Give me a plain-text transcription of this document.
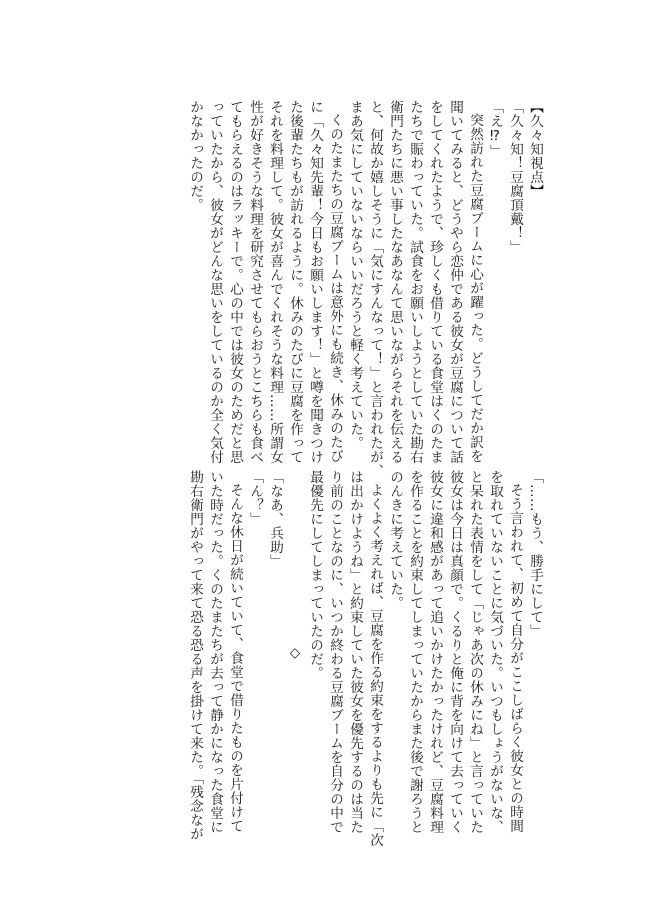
【久々知視点】

「久々知！豆腐頂戴！」

「え⁉」

突然訪れた豆腐ブームに心が躍った。どうしてだか訳を

聞いてみると、どうやら恋仲である彼女が豆腐について話

をしてくれたようで、珍しくも借りている食堂はくのたま

たちで賑わっていた。試食をお願いしようとしていた勘右

衛門たちに悪い事したなあなんて思いながらそれを伝える

と、何故か嬉しそうに「気にすんなって！」と言われたが、

まあ気にしていないならいいだろうと軽く考えていた。

くのたまたちの豆腐ブームは意外にも続き、休みのたび

に「久々知先輩！今日もお願いします！」と噂を聞きつけ

た後輩たちもが訪れるように。休みのたびに豆腐を作って

それを料理して。彼女が喜んでくれそうな料理……所謂女

性が好きそうな料理を研究させてもらおうとこちらも食べ

てもらえるのはラッキーで。心の中では彼女のためだと思

っていたから、彼女がどんな思いをしているのか全く気付

かなかったのだ。

「……もう、勝手にして」

そう言われて、初めて自分がここしばらく彼女との時間

を取れていないことに気づいた。いつもしょうがないな、

と呆れた表情をして「じゃあ次の休みにね」と言っていた

彼女は今日は真顔で。くるりと俺に背を向けて去っていく

彼女に違和感があって追いかけたかったけれど、豆腐料理

を作ることを約束してしまっていたからまた後で謝ろうと

のんきに考えていた。

よくよく考えれば、豆腐を作る約束をするよりも先に「次

は出かけようね」と約束していた彼女を優先するのは当た

り前のことなのに、いつか終わる豆腐ブームを自分の中で

最優先にしてしまっていたのだ。

◇

「なあ、兵助」

「ん？」

そんな休日が続いていて、食堂で借りたものを片付けて

いた時だった。くのたまたちが去って静かになった食堂に

勘右衛門がやって来て恐る恐る声を掛けて来た。「残念なが
